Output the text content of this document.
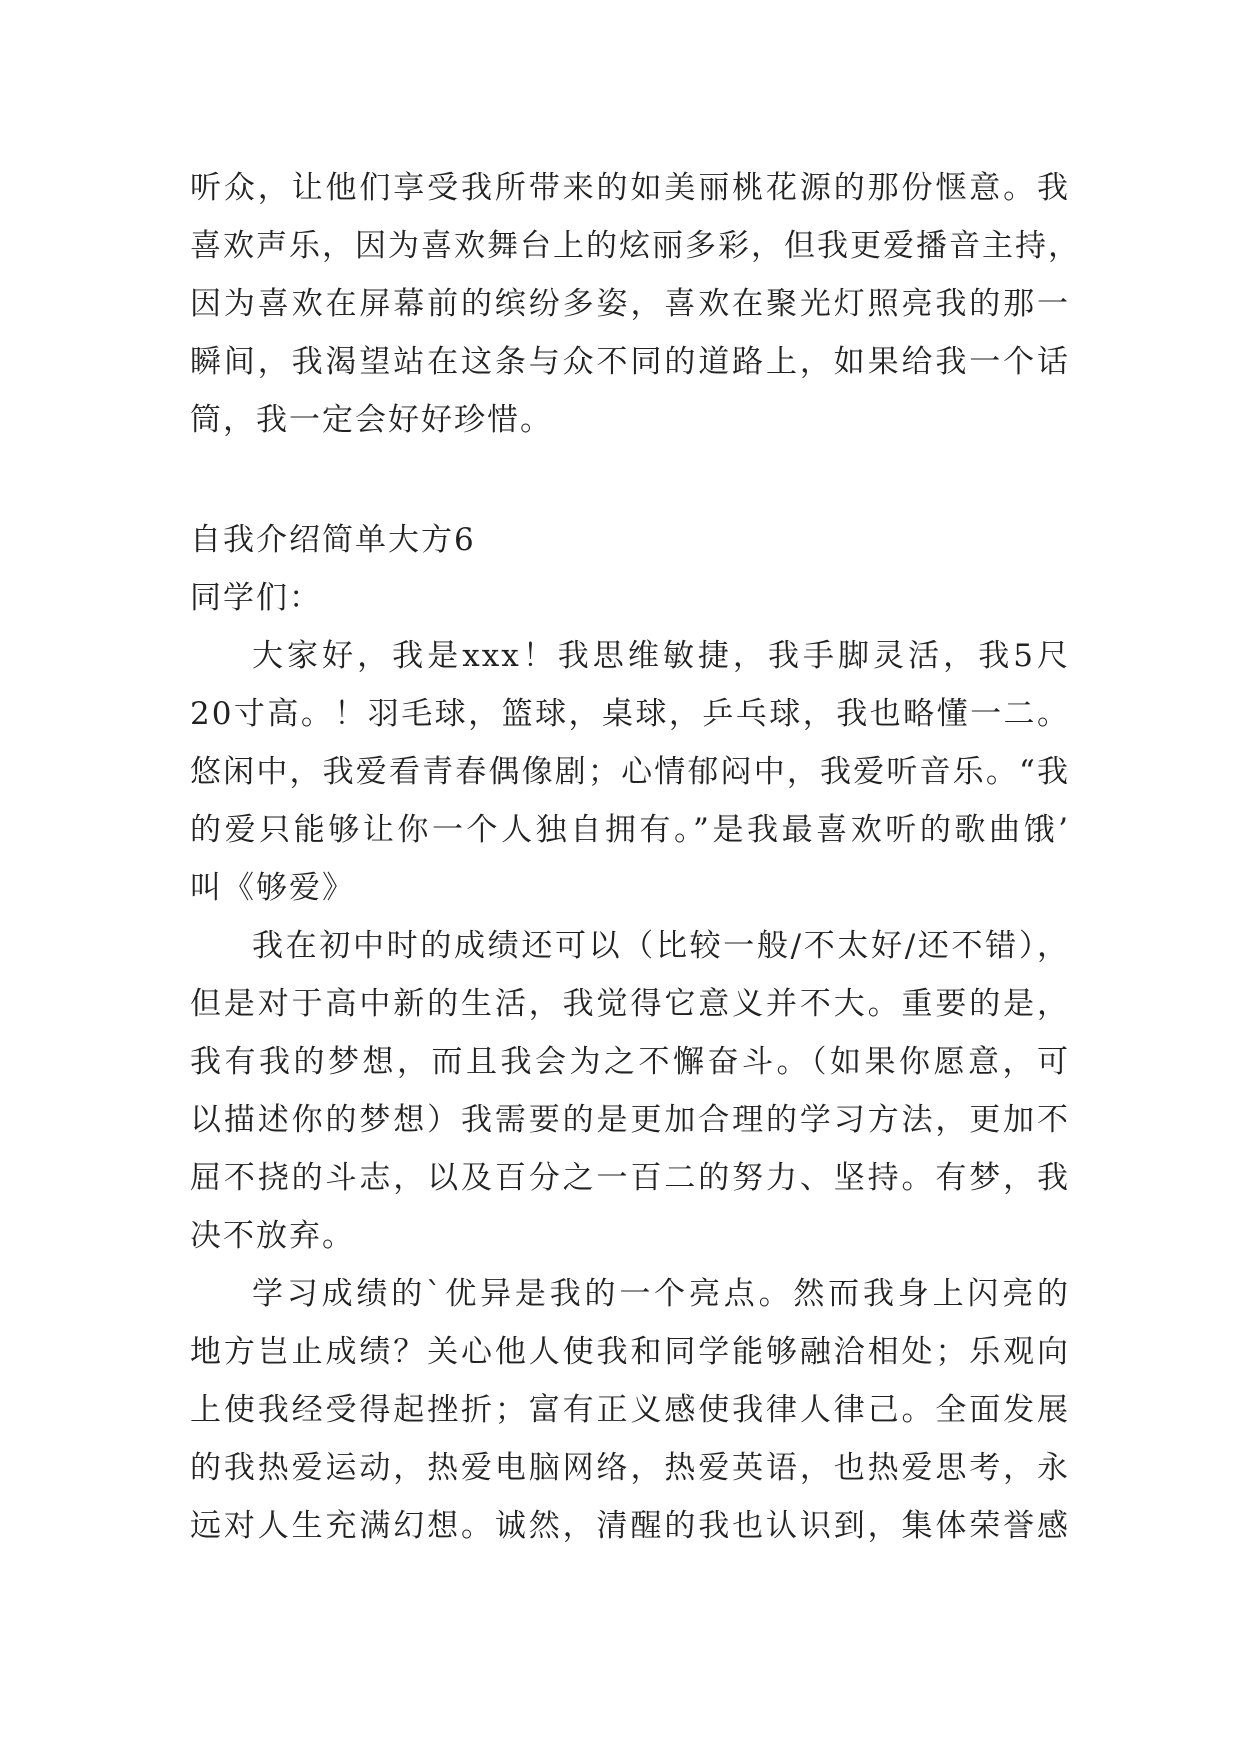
听众，让他们享受我所带来的如美丽桃花源的那份惬意。我
喜欢声乐，因为喜欢舞台上的炫丽多彩，但我更爱播音主持，
因为喜欢在屏幕前的缤纷多姿，喜欢在聚光灯照亮我的那一
瞬间，我渴望站在这条与众不同的道路上，如果给我一个话
筒，我一定会好好珍惜。
自我介绍简单大方6
同学们：
大家好，我是xxx！我思维敏捷，我手脚灵活，我5尺
20寸高。！羽毛球，篮球，桌球，乒乓球，我也略懂一二。
悠闲中，我爱看青春偶像剧；心情郁闷中，我爱听音乐。“我
的爱只能够让你一个人独自拥有。”是我最喜欢听的歌曲饿’
叫《够爱》
我在初中时的成绩还可以（比较一般/不太好/还不错），
但是对于高中新的生活，我觉得它意义并不大。重要的是，
我有我的梦想，而且我会为之不懈奋斗。（如果你愿意，可
以描述你的梦想）我需要的是更加合理的学习方法，更加不
屈不挠的斗志，以及百分之一百二的努力、坚持。有梦，我
决不放弃。
学习成绩的`优异是我的一个亮点。然而我身上闪亮的
地方岂止成绩？关心他人使我和同学能够融洽相处；乐观向
上使我经受得起挫折；富有正义感使我律人律己。全面发展
的我热爱运动，热爱电脑网络，热爱英语，也热爱思考，永
远对人生充满幻想。诚然，清醒的我也认识到，集体荣誉感
